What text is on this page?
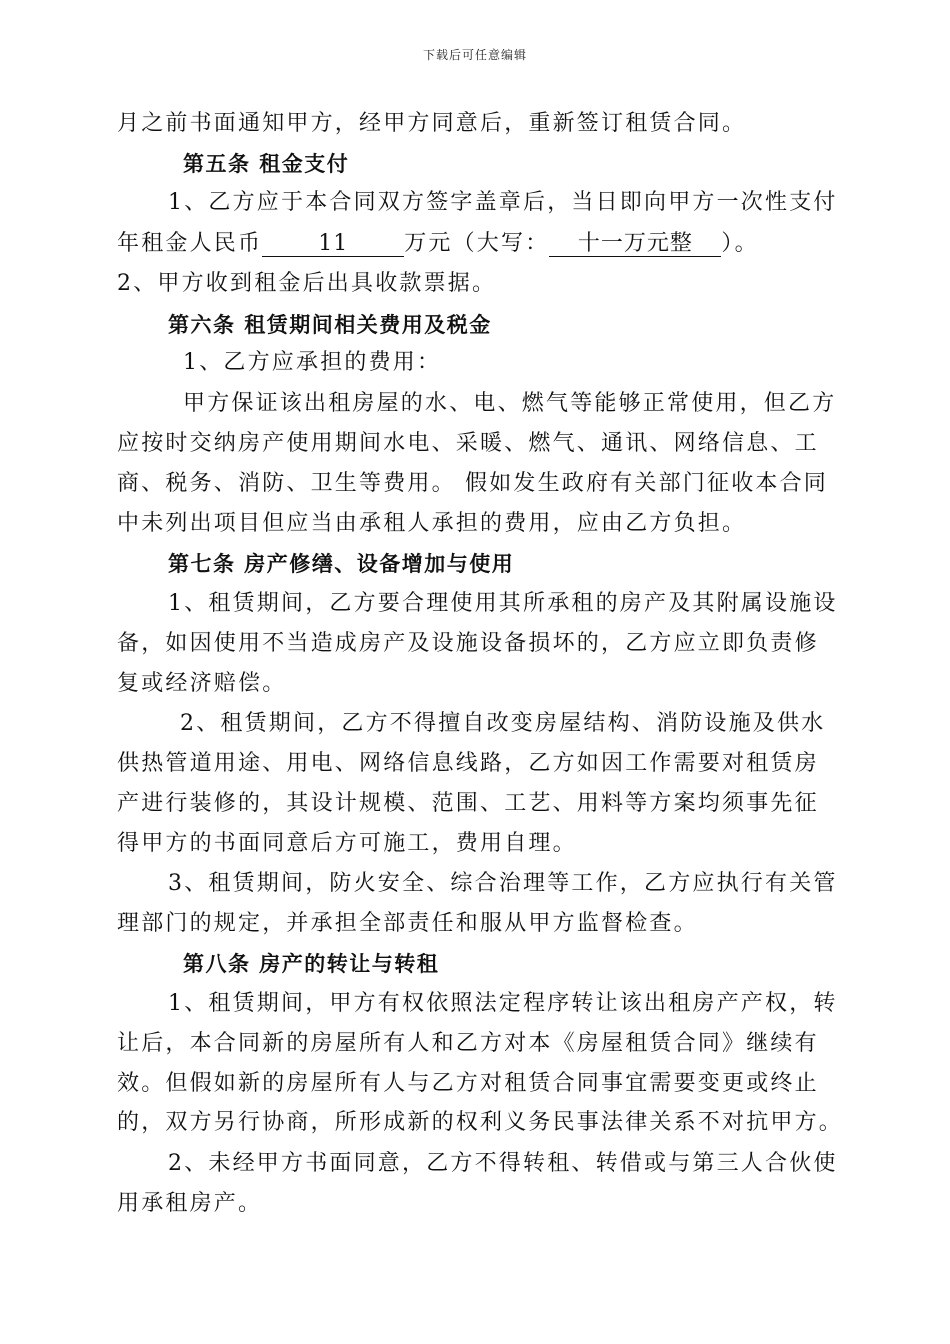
下载后可任意编辑
月之前书面通知甲方，经甲方同意后，重新签订租赁合同。
第五条 租金支付
1、乙方应于本合同双方签字盖章后，当日即向甲方一次性支付
年租金人民币	11	万元（大写： 十一万元整 ）。
2、甲方收到租金后出具收款票据。
第六条 租赁期间相关费用及税金
1、乙方应承担的费用：
甲方保证该出租房屋的水、电、燃气等能够正常使用，但乙方
应按时交纳房产使用期间水电、采暖、燃气、通讯、网络信息、工
商、税务、消防、卫生等费用。 假如发生政府有关部门征收本合同
中未列出项目但应当由承租人承担的费用，应由乙方负担。
第七条 房产修缮、设备增加与使用
1、租赁期间，乙方要合理使用其所承租的房产及其附属设施设
备，如因使用不当造成房产及设施设备损坏的，乙方应立即负责修
复或经济赔偿。
2、租赁期间，乙方不得擅自改变房屋结构、消防设施及供水
供热管道用途、用电、网络信息线路，乙方如因工作需要对租赁房
产进行装修的，其设计规模、范围、工艺、用料等方案均须事先征
得甲方的书面同意后方可施工，费用自理。
3、租赁期间，防火安全、综合治理等工作，乙方应执行有关管
理部门的规定，并承担全部责任和服从甲方监督检查。
第八条 房产的转让与转租
1、租赁期间，甲方有权依照法定程序转让该出租房产产权，转
让后，本合同新的房屋所有人和乙方对本《房屋租赁合同》继续有
效。但假如新的房屋所有人与乙方对租赁合同事宜需要变更或终止
的，双方另行协商，所形成新的权利义务民事法律关系不对抗甲方。
2、未经甲方书面同意，乙方不得转租、转借或与第三人合伙使
用承租房产。
